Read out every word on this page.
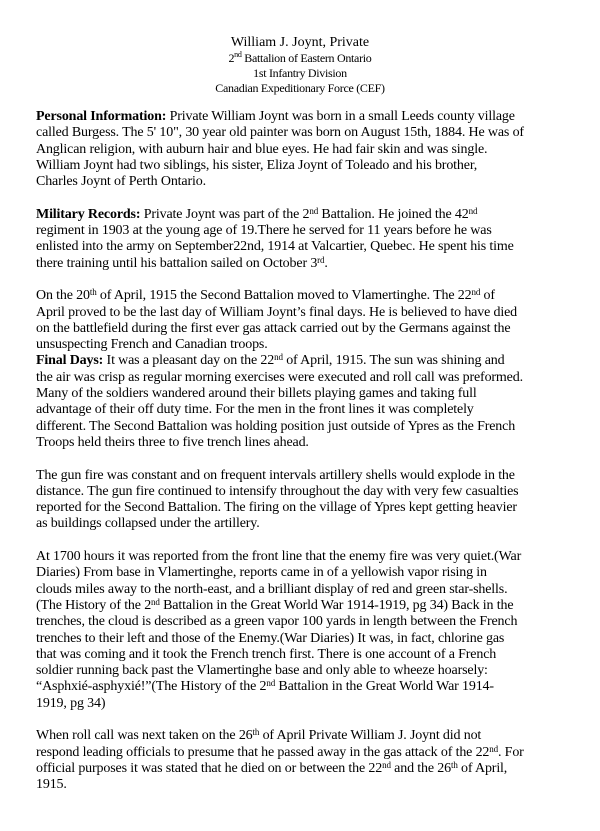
William J. Joynt, Private
2nd Battalion of Eastern Ontario
1st Infantry Division
Canadian Expeditionary Force (CEF)
Personal Information: Private William Joynt was born in a small Leeds county village
called Burgess. The 5' 10", 30 year old painter was born on August 15th, 1884. He was of
Anglican religion, with auburn hair and blue eyes. He had fair skin and was single.
William Joynt had two siblings, his sister, Eliza Joynt of Toleado and his brother,
Charles Joynt of Perth Ontario.
Military Records: Private Joynt was part of the 2nd Battalion. He joined the 42nd
regiment in 1903 at the young age of 19.There he served for 11 years before he was
enlisted into the army on September22nd, 1914 at Valcartier, Quebec. He spent his time
there training until his battalion sailed on October 3rd.
On the 20th of April, 1915 the Second Battalion moved to Vlamertinghe. The 22nd of
April proved to be the last day of William Joynt’s final days. He is believed to have died
on the battlefield during the first ever gas attack carried out by the Germans against the
unsuspecting French and Canadian troops.
Final Days: It was a pleasant day on the 22nd of April, 1915. The sun was shining and
the air was crisp as regular morning exercises were executed and roll call was preformed.
Many of the soldiers wandered around their billets playing games and taking full
advantage of their off duty time. For the men in the front lines it was completely
different. The Second Battalion was holding position just outside of Ypres as the French
Troops held theirs three to five trench lines ahead.
The gun fire was constant and on frequent intervals artillery shells would explode in the
distance. The gun fire continued to intensify throughout the day with very few casualties
reported for the Second Battalion. The firing on the village of Ypres kept getting heavier
as buildings collapsed under the artillery.
At 1700 hours it was reported from the front line that the enemy fire was very quiet.(War
Diaries) From base in Vlamertinghe, reports came in of a yellowish vapor rising in
clouds miles away to the north-east, and a brilliant display of red and green star-shells.
(The History of the 2nd Battalion in the Great World War 1914-1919, pg 34) Back in the
trenches, the cloud is described as a green vapor 100 yards in length between the French
trenches to their left and those of the Enemy.(War Diaries) It was, in fact, chlorine gas
that was coming and it took the French trench first. There is one account of a French
soldier running back past the Vlamertinghe base and only able to wheeze hoarsely:
“Asphxié-asphyxié!”(The History of the 2nd Battalion in the Great World War 1914-
1919, pg 34)
When roll call was next taken on the 26th of April Private William J. Joynt did not
respond leading officials to presume that he passed away in the gas attack of the 22nd. For
official purposes it was stated that he died on or between the 22nd and the 26th of April,
1915.
